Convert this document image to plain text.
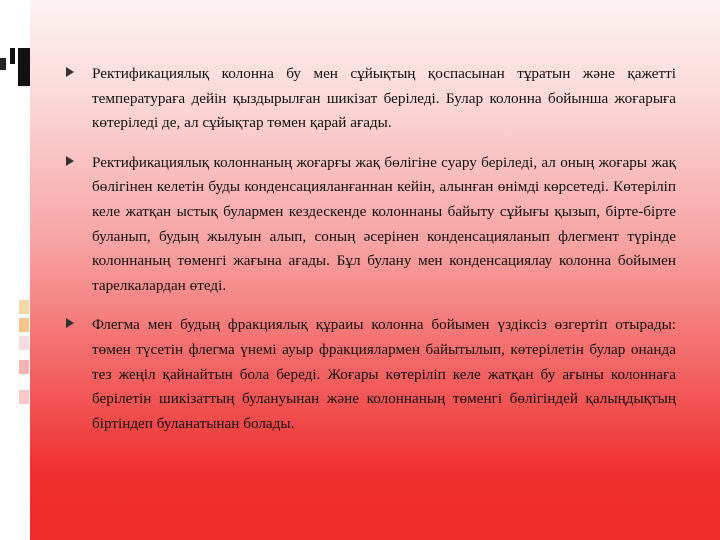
Ректификациялық колонна бу мен сұйықтың қоспасынан тұратын және қажетті температураға дейін қыздырылған шикізат беріледі. Булар колонна бойынша жоғарыға көтеріледі де, ал сұйықтар төмен қарай ағады.
Ректификациялық колоннаның жоғарғы жақ бөлігіне суару беріледі, ал оның жоғары жақ бөлігінен келетін буды конденсацияланғаннан кейін, алынған өнімді көрсетеді. Көтеріліп келе жатқан ыстық булармен кездескенде колоннаны байыту сұйығы қызып, бірте-бірте буланып, будың жылуын алып, соның әсерінен конденсацияланып флегмент түрінде колоннаның төменгі жағына ағады. Бұл булану мен конденсациялау колонна бойымен тарелкалардан өтеді.
Флегма мен будың фракциялық құраиы колонна бойымен үздіксіз өзгертіп отырады: төмен түсетін флегма үнемі ауыр фракциялармен байытылып, көтерілетін булар онанда тез жеңіл қайнайтын бола береді. Жоғары көтеріліп келе жатқан бу ағыны колоннаға берілетін шикізаттың булануынан және колоннаның төменгі бөлігіндей қалыңдықтың біртіндеп буланатынан болады.
